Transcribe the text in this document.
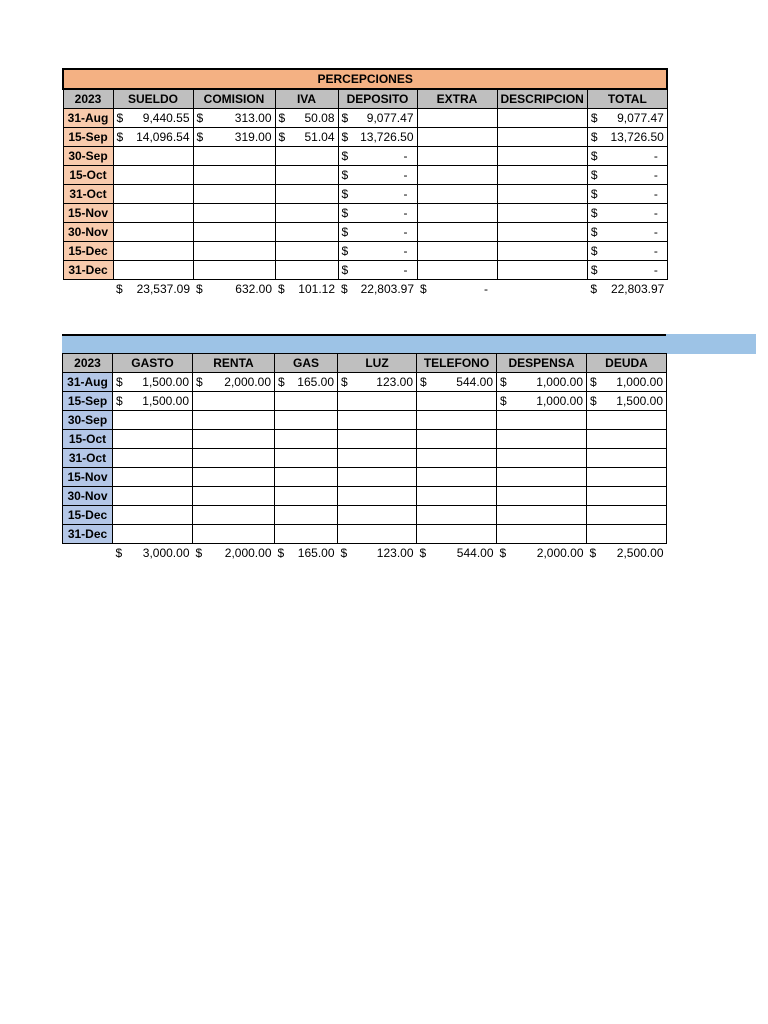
PERCEPCIONES							
2023	SUELDO	COMISION	IVA	DEPOSITO	EXTRA	DESCRIPCION	TOTAL
31-Aug	$ 9,440.55	$ 313.00	$ 50.08	$ 9,077.47			$ 9,077.47

15-Sep	$ 14,096.54	$ 319.00	$ 51.04	$ 13,726.50			$ 13,726.50

30-Sep				$ -			$ -

15-Oct				$ -			$ -

31-Oct				$ -			$ -

15-Nov				$ -			$ -

30-Nov				$ -			$ -

15-Dec				$ -			$ -

31-Dec				$ -			$ -

	$ 23,537.09	$ 632.00	$ 101.12	$ 22,803.97	$ -		$ 22,803.97
2023	GASTO	RENTA	GAS	LUZ	TELEFONO	DESPENSA	DEUDA
31-Aug	$ 1,500.00	$ 2,000.00	$ 165.00	$ 123.00	$ 544.00	$ 1,000.00	$ 1,000.00

15-Sep	$ 1,500.00					$ 1,000.00	$ 1,500.00

30-Sep							
15-Oct							
31-Oct							
15-Nov							
30-Nov							
15-Dec							
31-Dec							

	$ 3,000.00	$ 2,000.00	$ 165.00	$ 123.00	$ 544.00	$ 2,000.00	$ 2,500.00
